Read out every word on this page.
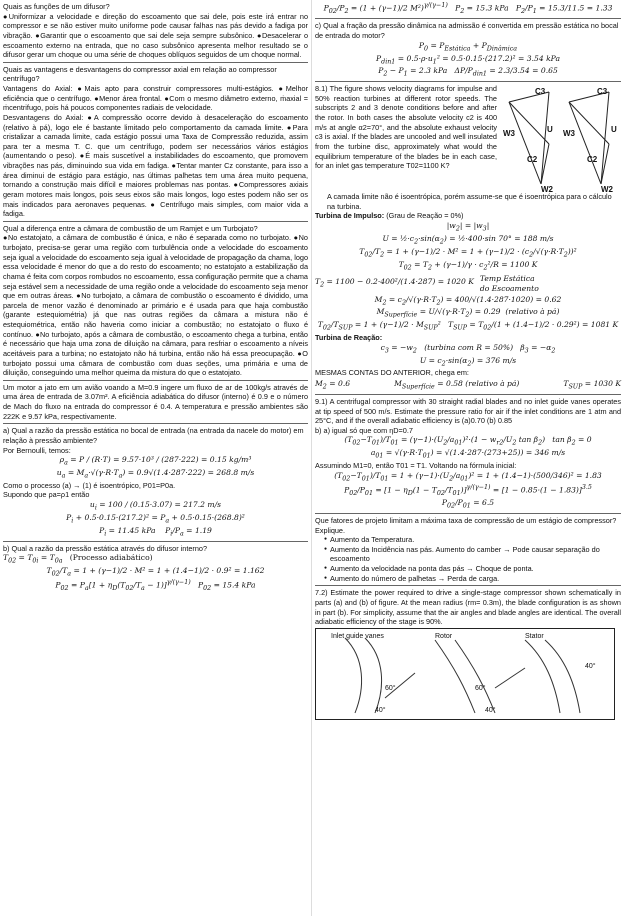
Quais as funções de um difusor?
●Uniformizar a velocidade e direção do escoamento que sai dele, pois este irá entrar no compressor e se não estiver muito uniforme pode causar falhas nas pás devido a fadiga por vibração. ●Garantir que o escoamento que sai dele seja sempre subsônico. ●Desacelerar o escoamento externo na entrada, que no caso subsônico apresenta melhor resultado se o difusor gerar um choque ou uma série de choques oblíquos seguidos de um choque normal.
Quais as vantagens e desvantagens do compressor axial em relação ao compressor centrífugo?
Vantagens do Axial: ●Mais apto para construir compressores multi-estágios. ●Melhor eficiência que o centrífugo. ●Menor área frontal. ●Com o mesmo diâmetro externo, ṁaxial = ṁcentrifugo, pois há poucos componentes radiais de velocidade.
Desvantagens do Axial: ●A compressão ocorre devido à desaceleração do escoamento (relativo à pá), logo ele é bastante limitado pelo comportamento da camada limite. ●Para cristalizar a camada limite, cada estágio possui uma Taxa de Compressão reduzida, assim para ter a mesma T. C. que um centrífugo, podem ser necessários vários estágios (aumentando o peso). ●É mais suscetível a instabilidades do escoamento, que promovem vibrações nas pás, diminuindo sua vida em fadiga. ●Tentar manter Cz constante, para isso a área diminui de estágio para estágio, nas últimas palhetas tem uma área muito pequena, tornando a construção mais difícil e maiores problemas nas pontas. ●Compressores axiais geram motores mais longos, pois seus eixos são mais longos, logo estes podem não ser os mais indicados para aeronaves pequenas. ● Centrífugo mais simples, com maior vida a fadiga.
Qual a diferença entre a câmara de combustão de um Ramjet e um Turbojato?
●No estatojato, a câmara de combustão é única, e não é separada como no turbojato. ●No turbojato, precisa-se gerar uma região com turbulência onde a velocidade do escoamento seja igual a velocidade do escoamento seja igual à velocidade de propagação da chama, logo essa velocidade é menor do que a do resto do escoamento; no estatojato a estabilização da chama é feita com corpos rombudos no escoamento, essa configuração permite que a chama seja estável sem a necessidade de uma região onde a velocidade do escoamento seja menor que em outras áreas. ●No turbojato, a câmara de combustão o escoamento é dividido, uma parcela de menor vazão é denominado ar primário e é usada para que haja combustão (garante estequiométria) já que nas outras regiões da câmara a mistura não é estequiométrica, então não haveria como iniciar a combustão; no estatojato o fluxo é contínuo. ●No turbojato, após a câmara de combustão, o escoamento chega a turbina, então é necessário que haja uma zona de diluição na câmara, para resfriar o escoamento a níveis aceitáveis para a turbina; no estatojato não há turbina, então não há essa preocupação. ●O turbojato possui uma câmara de combustão com duas seções, uma primária e uma de diluição, conseguindo uma melhor queima da mistura do que o estatojato.
Um motor a jato em um avião voando a M=0.9 ingere um fluxo de ar de 100kg/s através de uma área de entrada de 3.07m². A eficiência adiabática do difusor (interno) é 0.9 e o número de Mach do fluxo na entrada do compressor é 0.4. A temperatura e pressão ambientes são 222K e 9.57 kPa, respectivamente.
a) Qual a razão da pressão estática no bocal de entrada (na entrada da nacele do motor) em relação à pressão ambiente?
Por Bernoulli, temos:
$\rho_a = P / (R\cdot T) = 9.57\cdot 10^3 / (287\cdot 222) = 0.15$ kg/m³
$u_a = M_a\cdot√(\gamma\cdot R\cdot T_a) = 0.9√(1.4\cdot 287\cdot 222) = 268.8$ m/s
Como o processo (a) → (1) é isoentrópico, P01=P0a.
Supondo que ρa=ρ1 então
$u_i = 100 / (0.15\cdot 3.07) = 217.2$ m/s
$P_i + 0.5\cdot 0.15\cdot(217.2)^2 = P_a + 0.5\cdot 0.15\cdot(268.8)^2$
$P_i = 11.45$ kPa    $P_i/P_a = 1.19$
b) Qual a razão da pressão estática através do difusor interno?
$T_{02} = T_{0i} = T_{0a}$ (Processo adiabático)
$T_{02}/T_a = 1 + (\gamma-1)/2 \cdot M^2 = 1 + (1.4-1)/2 \cdot 0.9^2 = 1.162$
$P_{02} = P_a[1 + \eta_D(T_{02}/T_a - 1)]^{\gamma/(\gamma-1)}$   $P_{02} = 15.4$ kPa
$P_{02}/P_2 = (1 + (\gamma-1)/2$ M²)$^{\gamma/(\gamma-1)}$   $P_2 = 15.3$ kPa   $P_2/P_1 = 15.3/11.5 = 1.33$
c) Qual a fração da pressão dinâmica na admissão é convertida em pressão estática no bocal de entrada do motor?
$P_0 = P_{Estática} + P_{Dinâmica}$
$P_{din1} = 0.5\cdot\rho\cdot u_1^2 = 0.5\cdot 0.15\cdot(217.2)^2 = 3.54$ kPa
$P_2 - P_1 = 2.3$ kPa   $\Delta P/P_{din1} = 2.3/3.54 = 0.65$
8.1) The figure shows velocity diagrams for impulse and 50% reaction turbines at different rotor speeds. The subscripts 2 and 3 denote conditions before and after the rotor. In both cases the absolute velocity c2 is 400 m/s at angle α2=70°, and the absolute exhaust velocity c3 is axial. If the blades are uncooled and well insulated from the turbine disc, approximately what would the equilibrium temperature of the blades be in each case, for an inlet gas temperature T02=1100 K?
C3
W3	U
C2
W2
C3
W3	U
C2
W2
A camada limite não é isoentrópica, porém assume-se que é isoentrópica para o cálculo na turbina.
Turbina de Impulso: (Grau de Reação = 0%)
$|w_2| = |w_3|$
$U = \frac{1}{2}\cdot c_2\cdot\sin(\alpha_2)$ = ½·400·sin 70° = 188 m/s
$T_{02}/T_2 = 1 + (\gamma-1)/2 \cdot M^2 = 1 + (\gamma-1)/2 \cdot (c_2/√(\gamma\cdot R\cdot T_2))^2$
$T_{02} = T_2 + (\gamma-1)/\gamma \cdot c_2^2/R = 1100$ K
$T_2 = 1100 - 0.2\cdot 400^2/(1.4\cdot 287) = 1020$ K Temp Estática
do Escoamento
$M_2 = c_2/√(\gamma\cdot R\cdot T_2) = 400/√(1.4\cdot 287\cdot 1020) = 0.62$
$M_{Superfície} = U/√(\gamma\cdot R\cdot T_2) = 0.29$  (relativo à pá)
$T_{02}/T_{SUP} = 1 + (\gamma-1)/2 \cdot M_{SUP}^2$   $T_{SUP} = T_{02}/(1 + (1.4-1)/2 \cdot 0.29^2) = 1081$ K
Turbina de Reação:
$c_3 = -w_2$   (turbina com R = 50%)   $\beta_3 = -\alpha_2$
$U = c_2\cdot\sin(\alpha_2) = 376$ m/s
MESMAS CONTAS DO ANTERIOR, chega em:
$M_2 = 0.6$	$M_{Superfície} = 0.58$ (relativo à pá)	$T_{SUP} = 1030$ K
9.1) A centrifugal compressor with 30 straight radial blades and no inlet guide vanes operates at tip speed of 500 m/s. Estimate the pressure ratio for air if the inlet conditions are 1 atm and 25°C, and if the overall adiabatic efficiency is (a)0.70 (b) 0.85
b) a) igual só que com ηD=0.7
$(T_{02}-T_{01})/T_{01} = (\gamma-1)\cdot(U_2/a_{01})^2\cdot(1 - w_{r2}/U_2$ $\tan \beta_2$)   $\tan \beta_2 = 0$
$a_{01} = √(\gamma\cdot R\cdot T_{01}) = √(1.4\cdot 287\cdot(273+25)) = 346$ m/s
Assumindo M1=0, então T01 = T1. Voltando na fórmula inicial:
$(T_{02}-T_{01})/T_{01} = 1 + (\gamma-1)\cdot(U_2/a_{01})^2 = 1 + (1.4-1)\cdot(500/346)^2 = 1.83$
$P_{02}/P_{01} = [1 - \eta_D(1 - T_{02}/T_{01})]^{\gamma/(\gamma-1)} = [1 - 0.85\cdot(1 - 1.83)]^{3.5}$
$P_{02}/P_{01} = 6.5$
Que fatores de projeto limitam a máxima taxa de compressão de um estágio de compressor? Explique.
● Aumento da Temperatura.
● Aumento da Incidência nas pás. Aumento do camber → Pode causar separação do escoamento
● Aumento da velocidade na ponta das pás → Choque de ponta.
● Aumento do número de palhetas → Perda de carga.
7.2) Estimate the power required to drive a single-stage compressor shown schematically in parts (a) and (b) of figure. At the mean radius (rm= 0.3m), the blade configuration is as shown in part (b). For simplicity, assume that the air angles and blade angles are identical. The overall adiabatic efficiency of the stage is 90%.
Inlet guide vanes	Rotor	Stator
60°
40°
60°
40°
40°
